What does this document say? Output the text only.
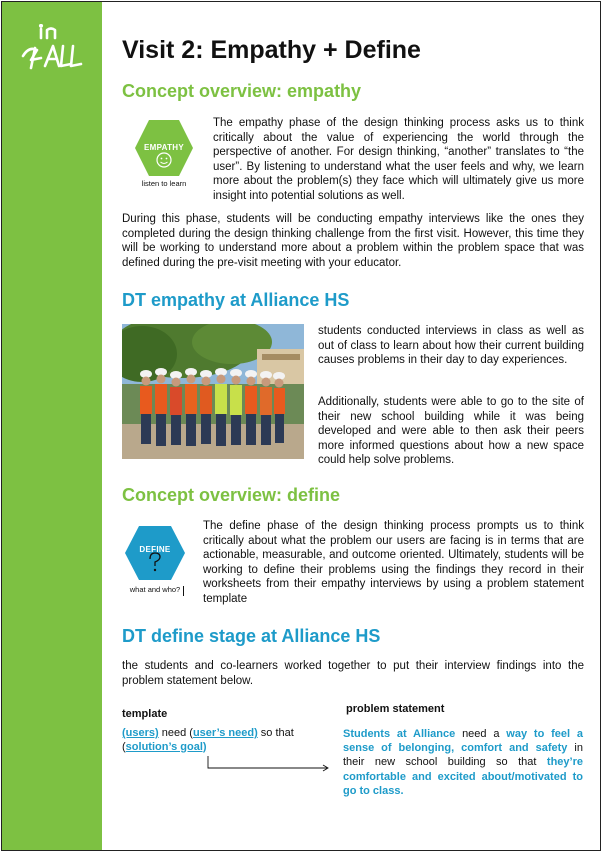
Visit 2: Empathy + Define
Concept overview: empathy
EMPATHY
listen to learn

The empathy phase of the design thinking process asks us to think critically about the value of experiencing the world through the perspective of another. For design thinking, “another” translates to “the user”. By listening to understand what the user feels and why, we learn more about the problem(s) they face which will ultimately give us more insight into potential solutions as well.

During this phase, students will be conducting empathy interviews like the ones they completed during the design thinking challenge from the first visit. However, this time they will be working to understand more about a problem within the problem space that was defined during the pre-visit meeting with your educator.

DT empathy at Alliance HS

students conducted interviews in class as well as out of class to learn about how their current building causes problems in their day to day experiences.

Additionally, students were able to go to the site of their new school building while it was being developed and were able to then ask their peers more informed questions about how a new space could help solve problems.

Concept overview: define
DEFINE
what and who?

The define phase of the design thinking process prompts us to think critically about what the problem our users are facing is in terms that are actionable, measurable, and outcome oriented. Ultimately, students will be working to define their problems using the findings they record in their worksheets from their empathy interviews by using a problem statement template

DT define stage at Alliance HS

the students and co-learners worked together to put their interview findings into the problem statement below.

template	problem statement

(users) need (user’s need) so that (solution’s goal)
Students at Alliance need a way to feel a sense of belonging, comfort and safety in their new school building so that they’re comfortable and excited about/motivated to go to class.
